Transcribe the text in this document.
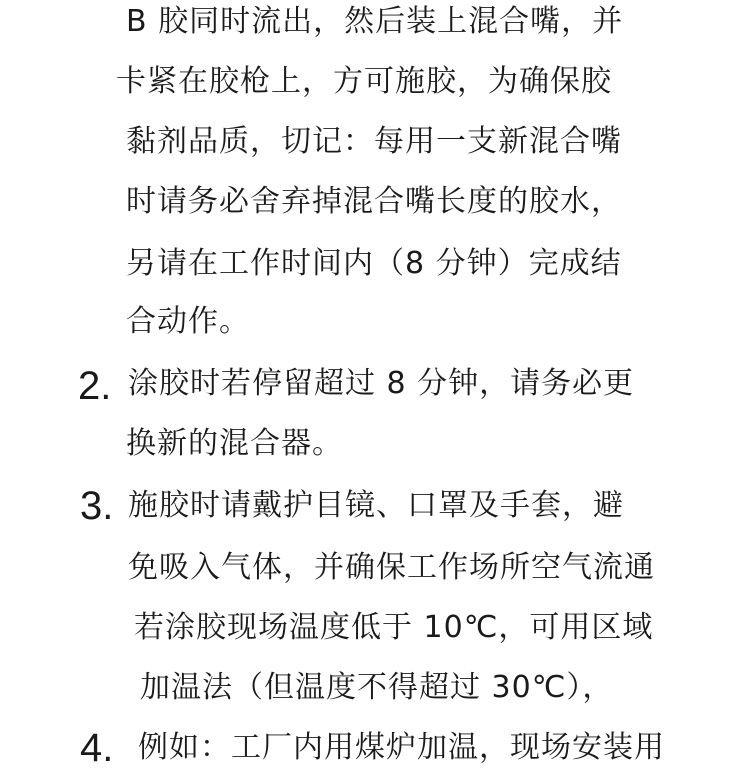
B 胶同时流出，然后装上混合嘴，并
卡紧在胶枪上，方可施胶，为确保胶
黏剂品质，切记：每用一支新混合嘴
时请务必舍弃掉混合嘴长度的胶水，
另请在工作时间内（8 分钟）完成结
合动作。
2. 涂胶时若停留超过 8 分钟，请务必更
换新的混合器。
3. 施胶时请戴护目镜、口罩及手套，避
免吸入气体，并确保工作场所空气流通
若涂胶现场温度低于 10℃，可用区域
加温法（但温度不得超过 30℃），
4. 例如：工厂内用煤炉加温，现场安装用
